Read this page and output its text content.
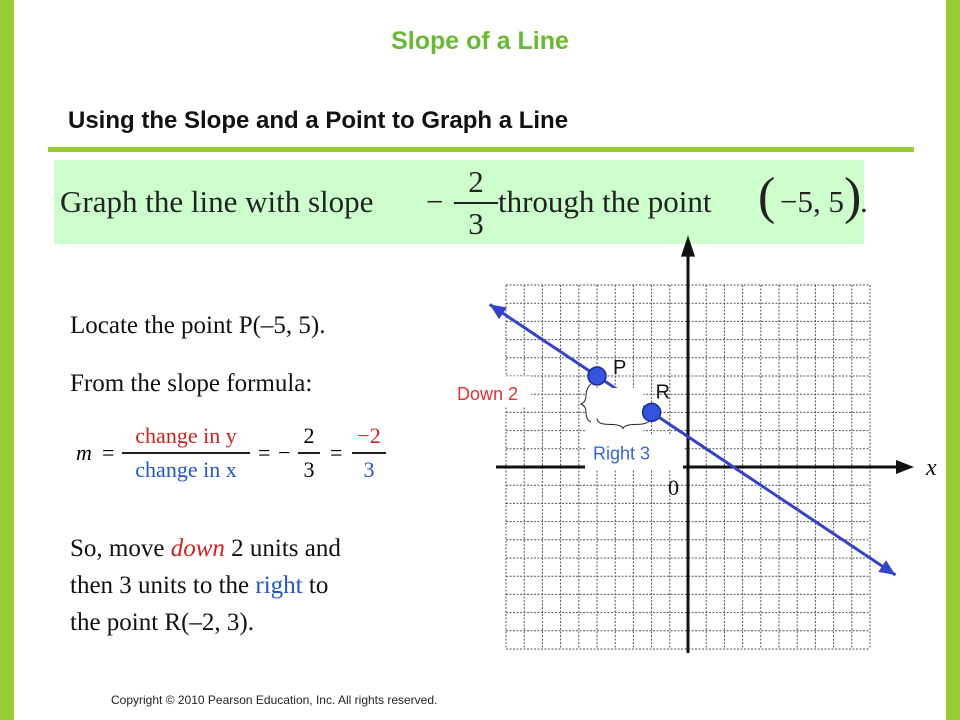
Slope of a Line
Using the Slope and a Point to Graph a Line
Graph the line with slope −
2
3
through the point ( −5, 5 )
.
Locate the point P(–5, 5).
From the slope formula:
m =
change in y
change in x
= −
2
3
=
−2
3
So, move down 2 units and
then 3 units to the right to
the point R(–2, 3).
x
0
P
R
Down 2
Right 3
Copyright © 2010 Pearson Education, Inc. All rights reserved.
